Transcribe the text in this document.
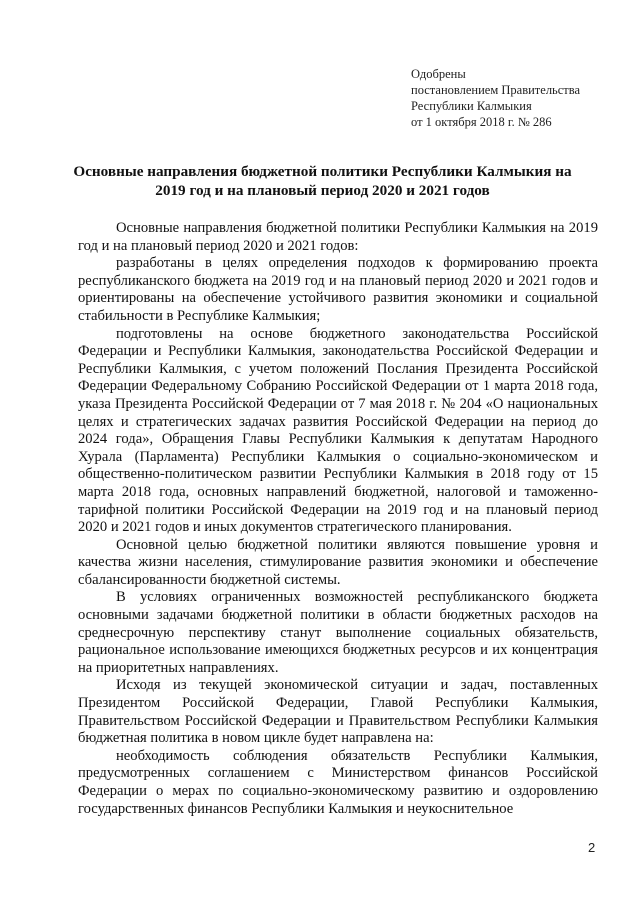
Одобрены
постановлением Правительства
Республики Калмыкия
от 1 октября 2018 г. № 286
Основные направления бюджетной политики Республики Калмыкия на
2019 год и на плановый период 2020 и 2021 годов

Основные направления бюджетной политики Республики Калмыкия на 2019 год и на плановый период 2020 и 2021 годов:

разработаны в целях определения подходов к формированию проекта республиканского бюджета на 2019 год и на плановый период 2020 и 2021 годов и ориентированы на обеспечение устойчивого развития экономики и социальной стабильности в Республике Калмыкия;

подготовлены на основе бюджетного законодательства Российской Федерации и Республики Калмыкия, законодательства Российской Федерации и Республики Калмыкия, с учетом положений Послания Президента Российской Федерации Федеральному Собранию Российской Федерации от 1 марта 2018 года, указа Президента Российской Федерации от 7 мая 2018 г. № 204 «О национальных целях и стратегических задачах развития Российской Федерации на период до 2024 года», Обращения Главы Республики Калмыкия к депутатам Народного Хурала (Парламента) Республики Калмыкия о социально-экономическом и общественно-политическом развитии Республики Калмыкия в 2018 году от 15 марта 2018 года, основных направлений бюджетной, налоговой и таможенно-тарифной политики Российской Федерации на 2019 год и на плановый период 2020 и 2021 годов и иных документов стратегического планирования.

Основной целью бюджетной политики являются повышение уровня и качества жизни населения, стимулирование развития экономики и обеспечение сбалансированности бюджетной системы.

В условиях ограниченных возможностей республиканского бюджета основными задачами бюджетной политики в области бюджетных расходов на среднесрочную перспективу станут выполнение социальных обязательств, рациональное использование имеющихся бюджетных ресурсов и их концентрация на приоритетных направлениях.

Исходя из текущей экономической ситуации и задач, поставленных Президентом Российской Федерации, Главой Республики Калмыкия, Правительством Российской Федерации и Правительством Республики Калмыкия бюджетная политика в новом цикле будет направлена на:

необходимость соблюдения обязательств Республики Калмыкия, предусмотренных соглашением с Министерством финансов Российской Федерации о мерах по социально-экономическому развитию и оздоровлению государственных финансов Республики Калмыкия и неукоснительное

2
